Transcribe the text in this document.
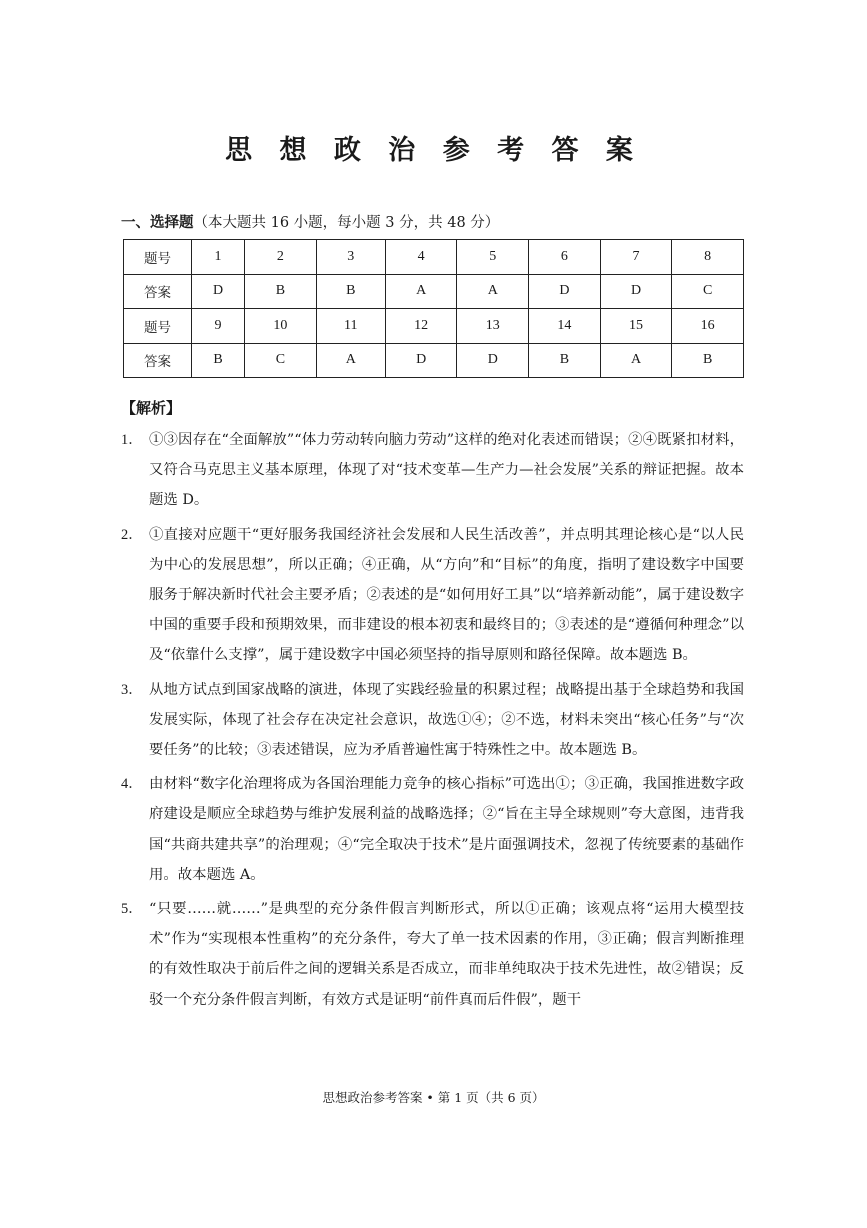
思 想 政 治 参 考 答 案
一、选择题（本大题共 16 小题，每小题 3 分，共 48 分）
题号	1	2	3	4	5	6	7	8
答案	D	B	B	A	A	D	D	C
题号	9	10	11	12	13	14	15	16
答案	B	C	A	D	D	B	A	B
【解析】
1． ①③因存在“全面解放”“体力劳动转向脑力劳动”这样的绝对化表述而错误；②④既紧扣材料，又符合马克思主义基本原理，体现了对“技术变革—生产力—社会发展”关系的辩证把握。故本题选 D。
2． ①直接对应题干“更好服务我国经济社会发展和人民生活改善”，并点明其理论核心是“以人民为中心的发展思想”，所以正确；④正确，从“方向”和“目标”的角度，指明了建设数字中国要服务于解决新时代社会主要矛盾；②表述的是“如何用好工具”以“培养新动能”，属于建设数字中国的重要手段和预期效果，而非建设的根本初衷和最终目的；③表述的是“遵循何种理念”以及“依靠什么支撑”，属于建设数字中国必须坚持的指导原则和路径保障。故本题选 B。
3． 从地方试点到国家战略的演进，体现了实践经验量的积累过程；战略提出基于全球趋势和我国发展实际，体现了社会存在决定社会意识，故选①④；②不选，材料未突出“核心任务”与“次要任务”的比较；③表述错误，应为矛盾普遍性寓于特殊性之中。故本题选 B。
4． 由材料“数字化治理将成为各国治理能力竞争的核心指标”可选出①；③正确，我国推进数字政府建设是顺应全球趋势与维护发展利益的战略选择；②“旨在主导全球规则”夸大意图，违背我国“共商共建共享”的治理观；④“完全取决于技术”是片面强调技术，忽视了传统要素的基础作用。故本题选 A。
5． “只要……就……”是典型的充分条件假言判断形式，所以①正确；该观点将“运用大模型技术”作为“实现根本性重构”的充分条件，夸大了单一技术因素的作用，③正确；假言判断推理的有效性取决于前后件之间的逻辑关系是否成立，而非单纯取决于技术先进性，故②错误；反驳一个充分条件假言判断，有效方式是证明“前件真而后件假”，题干
思想政治参考答案 • 第 1 页（共 6 页）
